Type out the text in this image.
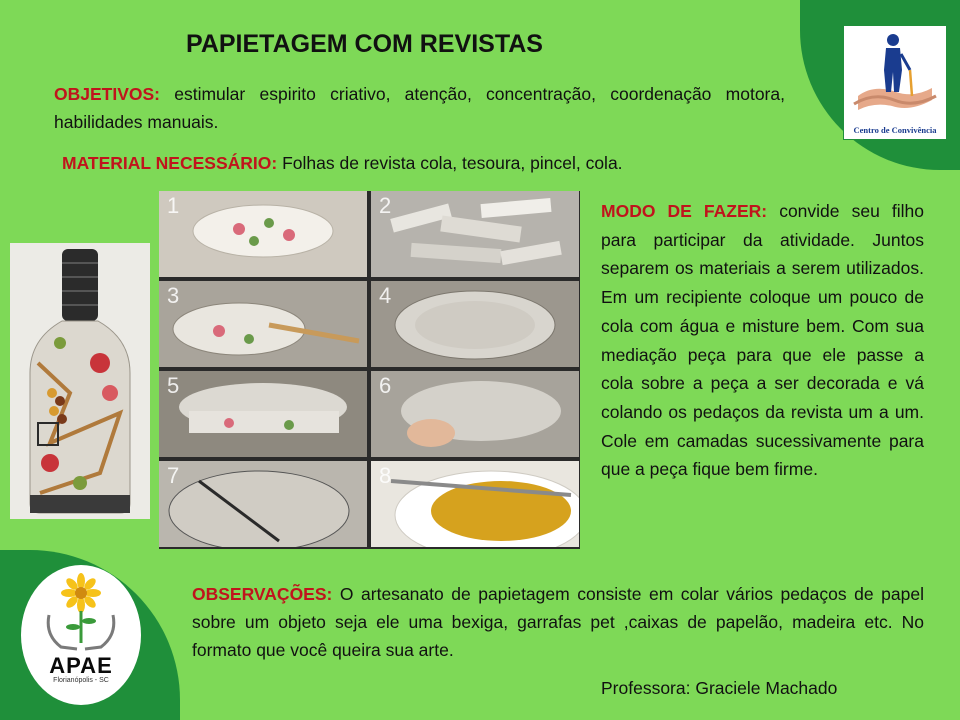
Centro de Convivência
PAPIETAGEM COM REVISTAS

OBJETIVOS: estimular espirito criativo, atenção, concentração, coordenação motora, habilidades manuais.

MATERIAL NECESSÁRIO: Folhas de revista cola, tesoura, pincel, cola.

1	2
3	4
5	6
7	8

MODO DE FAZER: convide seu filho para participar da atividade. Juntos separem os materiais a serem utilizados. Em um recipiente coloque um pouco de cola com água e misture bem. Com sua mediação peça para que ele passe a cola sobre a peça a ser decorada e vá colando os pedaços da revista um a um. Cole em camadas sucessivamente para que a peça fique bem firme.

APAE
Florianópolis - SC

OBSERVAÇÕES: O artesanato de papietagem consiste em colar vários pedaços de papel sobre um objeto seja ele uma bexiga, garrafas pet ,caixas de papelão, madeira etc. No formato que você queira sua arte.

Professora: Graciele Machado
